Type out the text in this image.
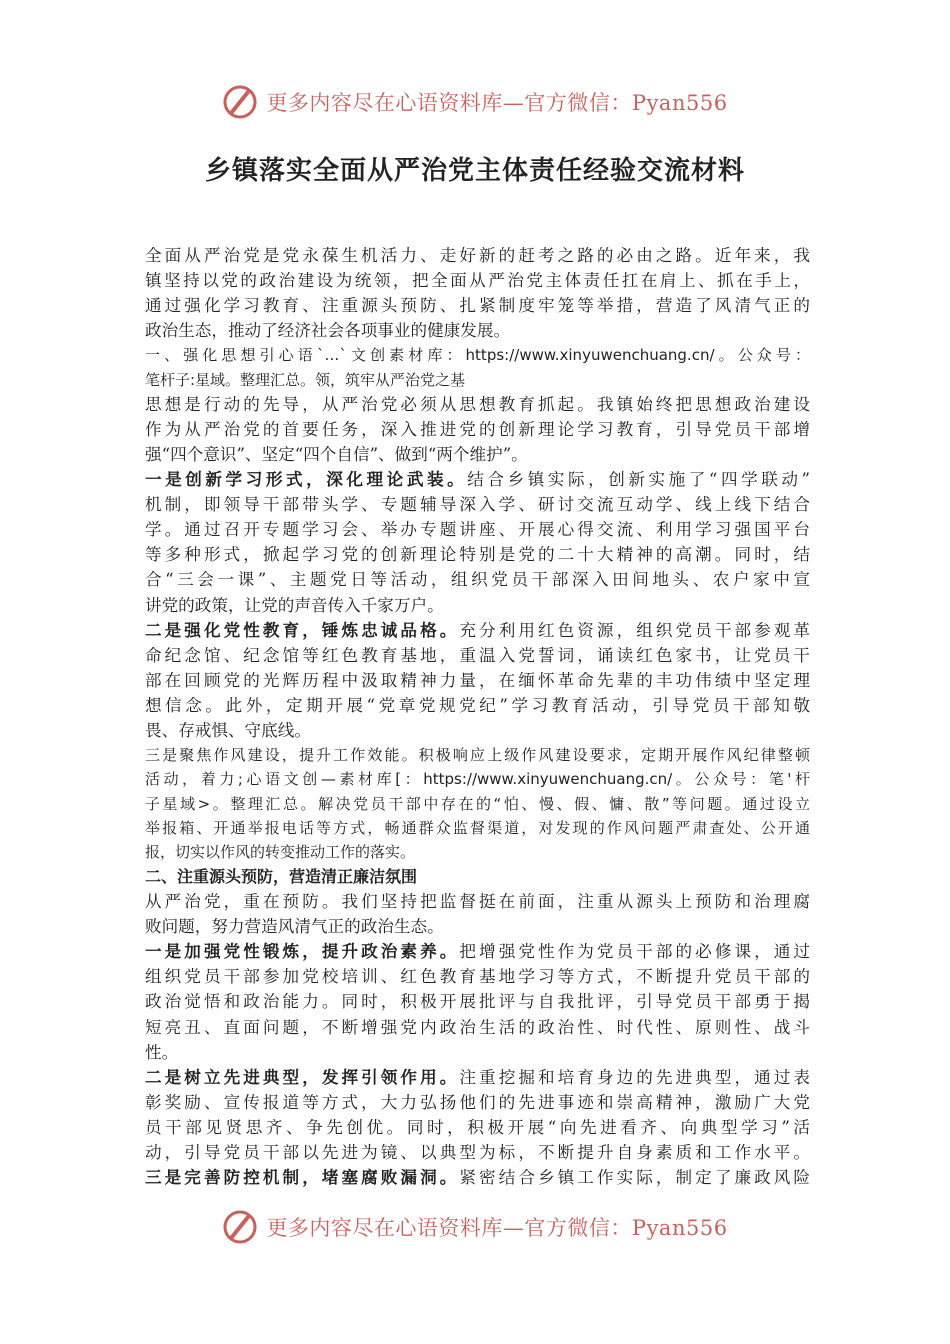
更多内容尽在心语资料库—官方微信：Pyan556
乡镇落实全面从严治党主体责任经验交流材料
全面从严治党是党永葆生机活力、走好新的赶考之路的必由之路。近年来，我
镇坚持以党的政治建设为统领，把全面从严治党主体责任扛在肩上、抓在手上，
通过强化学习教育、注重源头预防、扎紧制度牢笼等举措，营造了风清气正的
政治生态，推动了经济社会各项事业的健康发展。
一、强化思想引心语`…`文创素材库：https://www.xinyuwenchuang.cn/。公众号：
笔杆子:星域。整理汇总。领，筑牢从严治党之基
思想是行动的先导，从严治党必须从思想教育抓起。我镇始终把思想政治建设
作为从严治党的首要任务，深入推进党的创新理论学习教育，引导党员干部增
强“四个意识”、坚定“四个自信”、做到“两个维护”。
一是创新学习形式，深化理论武装。结合乡镇实际，创新实施了“四学联动”
机制，即领导干部带头学、专题辅导深入学、研讨交流互动学、线上线下结合
学。通过召开专题学习会、举办专题讲座、开展心得交流、利用学习强国平台
等多种形式，掀起学习党的创新理论特别是党的二十大精神的高潮。同时，结
合“三会一课”、主题党日等活动，组织党员干部深入田间地头、农户家中宣
讲党的政策，让党的声音传入千家万户。
二是强化党性教育，锤炼忠诚品格。充分利用红色资源，组织党员干部参观革
命纪念馆、纪念馆等红色教育基地，重温入党誓词，诵读红色家书，让党员干
部在回顾党的光辉历程中汲取精神力量，在缅怀革命先辈的丰功伟绩中坚定理
想信念。此外，定期开展“党章党规党纪”学习教育活动，引导党员干部知敬
畏、存戒惧、守底线。
三是聚焦作风建设，提升工作效能。积极响应上级作风建设要求，定期开展作风纪律整顿
活动，着力;心语文创—素材库[：https://www.xinyuwenchuang.cn/。公众号：笔'杆
子星域>。整理汇总。解决党员干部中存在的“怕、慢、假、慵、散”等问题。通过设立
举报箱、开通举报电话等方式，畅通群众监督渠道，对发现的作风问题严肃查处、公开通
报，切实以作风的转变推动工作的落实。
二、注重源头预防，营造清正廉洁氛围
从严治党，重在预防。我们坚持把监督挺在前面，注重从源头上预防和治理腐
败问题，努力营造风清气正的政治生态。
一是加强党性锻炼，提升政治素养。把增强党性作为党员干部的必修课，通过
组织党员干部参加党校培训、红色教育基地学习等方式，不断提升党员干部的
政治觉悟和政治能力。同时，积极开展批评与自我批评，引导党员干部勇于揭
短亮丑、直面问题，不断增强党内政治生活的政治性、时代性、原则性、战斗
性。
二是树立先进典型，发挥引领作用。注重挖掘和培育身边的先进典型，通过表
彰奖励、宣传报道等方式，大力弘扬他们的先进事迹和崇高精神，激励广大党
员干部见贤思齐、争先创优。同时，积极开展“向先进看齐、向典型学习”活
动，引导党员干部以先进为镜、以典型为标，不断提升自身素质和工作水平。
三是完善防控机制，堵塞腐败漏洞。紧密结合乡镇工作实际，制定了廉政风险
更多内容尽在心语资料库—官方微信：Pyan556
